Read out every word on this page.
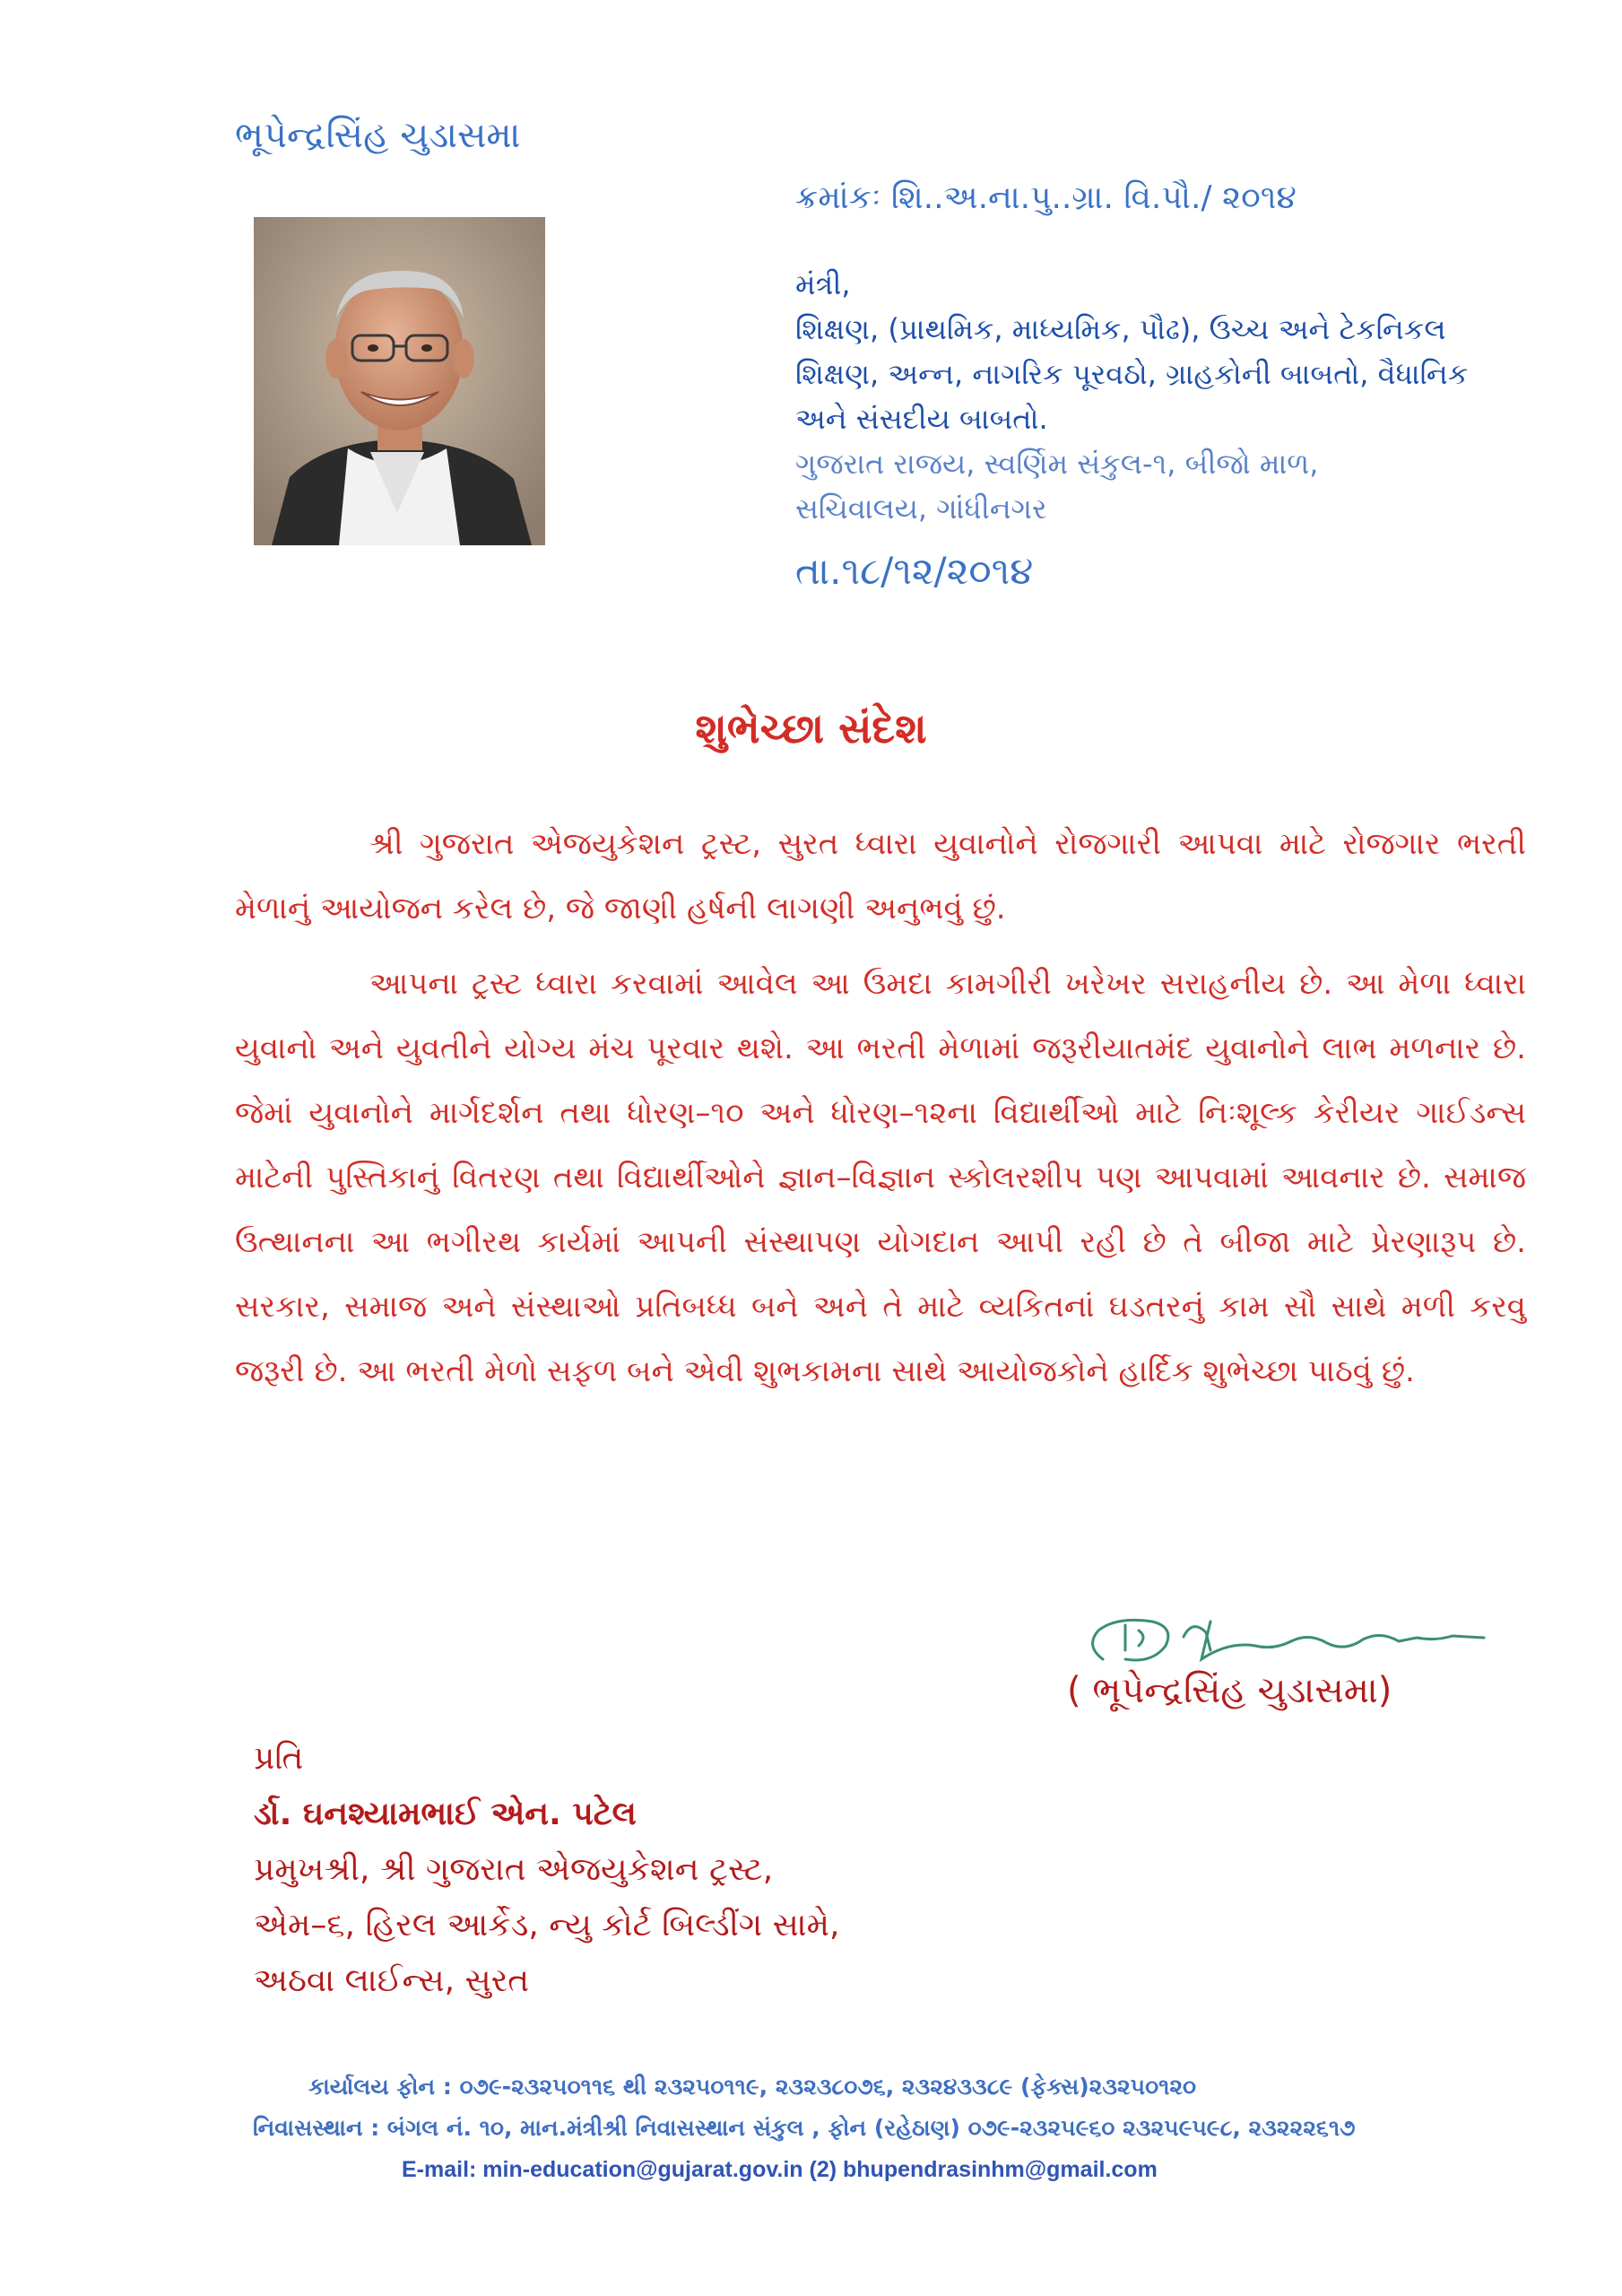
ભૂપેન્દ્રસિંહ ચુડાસમા
ક્રમાંકઃ શિ..અ.ના.પુ..ગ્રા. વિ.પૌ./ ૨૦૧૪
મંત્રી,
શિક્ષણ, (પ્રાથમિક, માધ્યમિક, પૌઢ), ઉચ્ચ અને ટેકનિકલ
શિક્ષણ, અન્ન, નાગરિક પૂરવઠો, ગ્રાહકોની બાબતો, વૈધાનિક
અને સંસદીય બાબતો.
ગુજરાત રાજય, સ્વર્ણિમ સંકુલ-૧, બીજો માળ,
સચિવાલય, ગાંધીનગર
તા.૧૮/૧૨/૨૦૧૪
શુભેચ્છા સંદેશ

શ્રી ગુજરાત એજયુકેશન ટ્રસ્ટ, સુરત ધ્વારા યુવાનોને રોજગારી આપવા માટે રોજગાર ભરતી મેળાનું આયોજન કરેલ છે, જે જાણી હર્ષની લાગણી અનુભવું છું.

આપના ટ્રસ્ટ ધ્વારા કરવામાં આવેલ આ ઉમદા કામગીરી ખરેખર સરાહનીય છે. આ મેળા ધ્વારા યુવાનો અને યુવતીને યોગ્ય મંચ પૂરવાર થશે. આ ભરતી મેળામાં જરૂરીયાતમંદ યુવાનોને લાભ મળનાર છે. જેમાં યુવાનોને માર્ગદર્શન તથા ધોરણ–૧૦ અને ધોરણ–૧૨ના વિદ્યાર્થીઓ માટે નિઃશૂલ્ક કેરીયર ગાઈડન્સ માટેની પુસ્તિકાનું વિતરણ તથા વિદ્યાર્થીઓને જ્ઞાન–વિજ્ઞાન સ્કોલરશીપ પણ આપવામાં આવનાર છે. સમાજ ઉત્થાનના આ ભગીરથ કાર્યમાં આપની સંસ્થાપણ યોગદાન આપી રહી છે તે બીજા માટે પ્રેરણારૂપ છે. સરકાર, સમાજ અને સંસ્થાઓ પ્રતિબધ્ધ બને અને તે માટે વ્યકિતનાં ઘડતરનું કામ સૌ સાથે મળી કરવુ જરૂરી છે. આ ભરતી મેળો સફળ બને એવી શુભકામના સાથે આયોજકોને હાર્દિક શુભેચ્છા પાઠવું છું.

( ભૂપેન્દ્રસિંહ ચુડાસમા)
પ્રતિ
ર્ડા. ઘનશ્યામભાઈ એન. પટેલ
પ્રમુખશ્રી, શ્રી ગુજરાત એજયુકેશન ટ્રસ્ટ,
એમ–૬, હિરલ આર્કેડ, ન્યુ કોર્ટ બિલ્ડીંગ સામે,
અઠવા લાઈન્સ, સુરત
કાર્યાલય ફોન : ૦૭૯-૨૩૨૫૦૧૧૬ થી ૨૩૨૫૦૧૧૯, ૨૩૨૩૮૦૭૬, ૨૩૨૪૩૩૮૯ (ફેક્સ)૨૩૨૫૦૧૨૦
નિવાસસ્થાન : બંગલ નં. ૧૦, માન.મંત્રીશ્રી નિવાસસ્થાન સંકુલ , ફોન (રહેઠાણ) ૦૭૯-૨૩૨૫૯૬૦ ૨૩૨૫૯૫૯૮, ૨૩૨૨૨૬૧૭
E-mail: min-education@gujarat.gov.in (2) bhupendrasinhm@gmail.com
